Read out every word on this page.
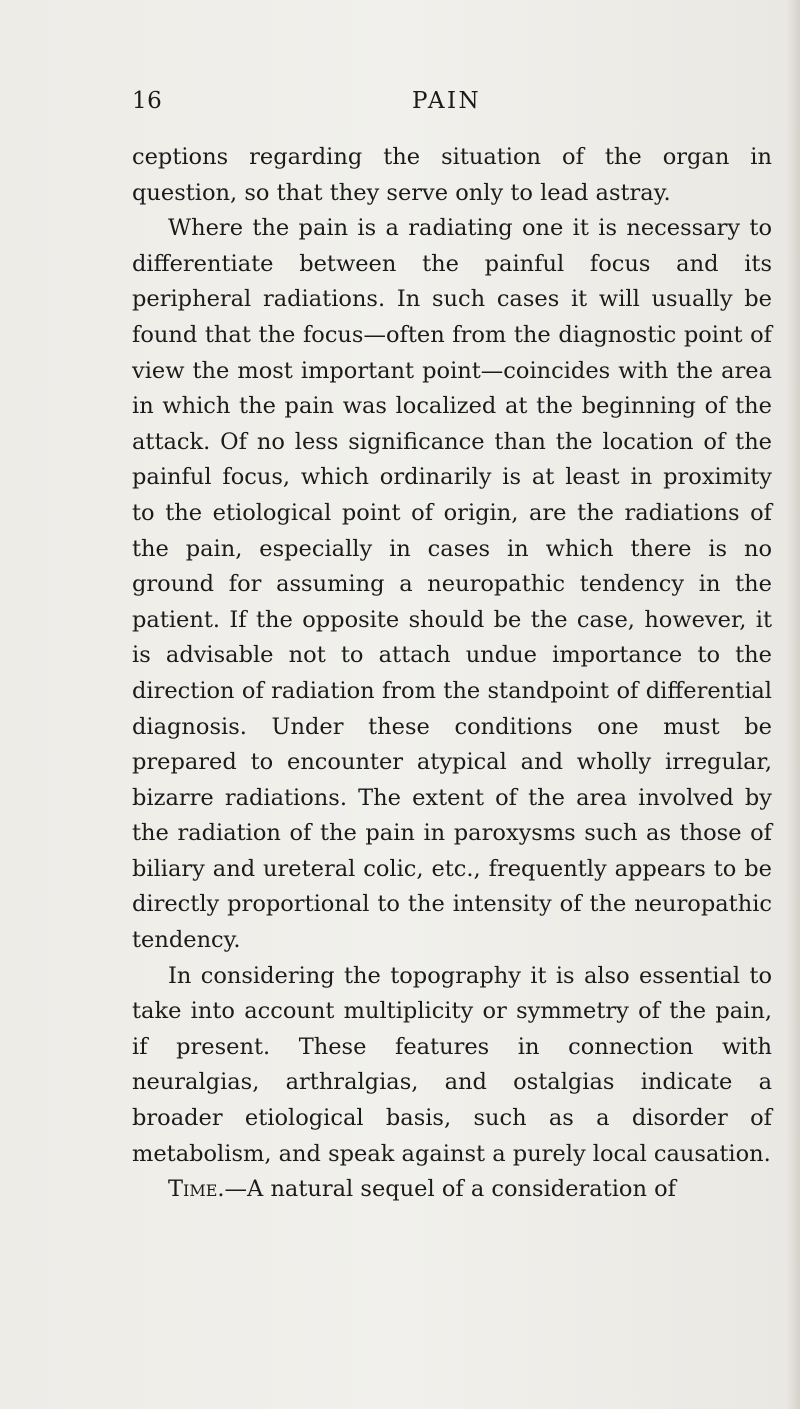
16	PAIN

ceptions regarding the situation of the organ in question, so that they serve only to lead astray.

Where the pain is a radiating one it is necessary to differentiate between the painful focus and its peripheral radiations. In such cases it will usually be found that the focus—often from the diagnostic point of view the most important point—coincides with the area in which the pain was localized at the beginning of the attack. Of no less significance than the location of the painful focus, which ordinarily is at least in proximity to the etiological point of origin, are the radiations of the pain, especially in cases in which there is no ground for assuming a neuropathic tendency in the patient. If the opposite should be the case, however, it is advisable not to attach undue importance to the direction of radiation from the standpoint of differential diagnosis. Under these conditions one must be prepared to encounter atypical and wholly irregular, bizarre radiations. The extent of the area involved by the radiation of the pain in paroxysms such as those of biliary and ureteral colic, etc., frequently appears to be directly proportional to the intensity of the neuropathic tendency.

In considering the topography it is also essential to take into account multiplicity or symmetry of the pain, if present. These features in connection with neuralgias, arthralgias, and ostalgias indicate a broader etiological basis, such as a disorder of metabolism, and speak against a purely local causation.

Time.—A natural sequel of a consideration of
